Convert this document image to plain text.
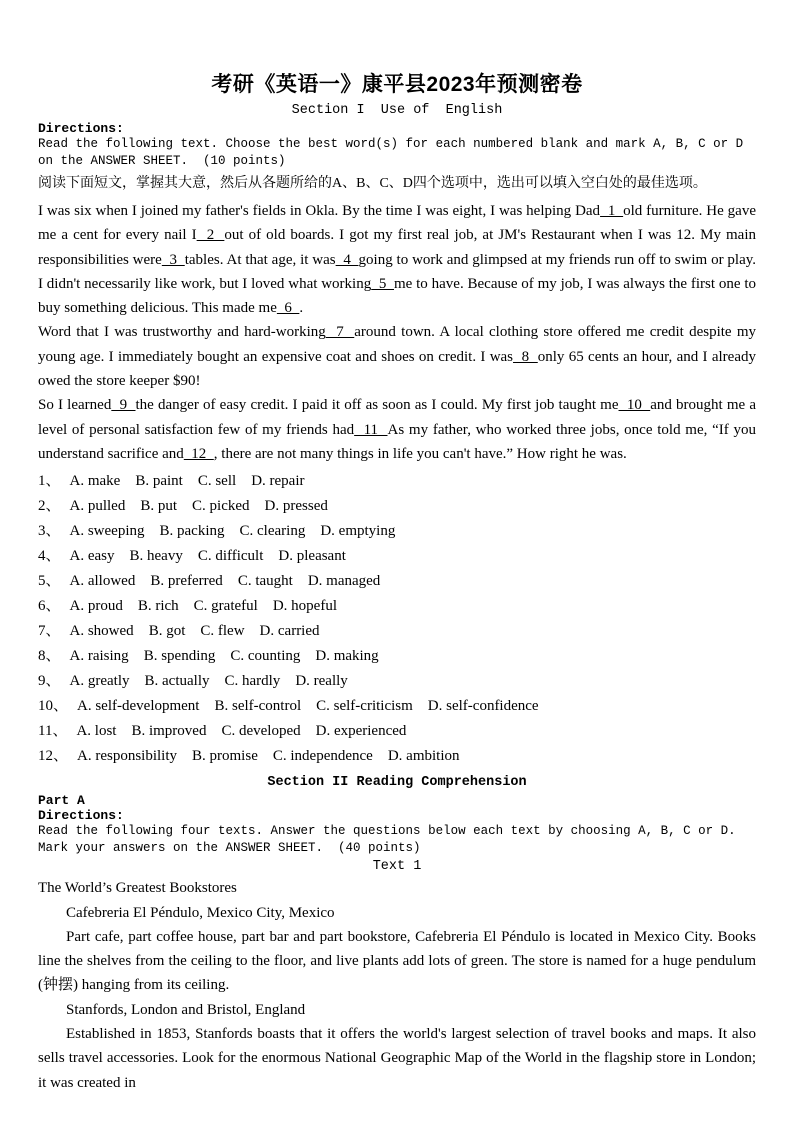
考研《英语一》康平县2023年预测密卷
Section I  Use of  English
Directions:
Read the following text. Choose the best word(s) for each numbered blank and mark A, B, C or D on the ANSWER SHEET.  (10 points)
阅读下面短文，掌握其大意，然后从各题所给的A、B、C、D四个选项中，选出可以填入空白处的最佳选项。

I was six when I joined my father's fields in Okla. By the time I was eight, I was helping Dad  1  old furniture. He gave me a cent for every nail I  2  out of old boards. I got my first real job, at JM's Restaurant when I was 12. My main responsibilities were  3  tables. At that age, it was  4  going to work and glimpsed at my friends run off to swim or play. I didn't necessarily like work, but I loved what working  5  me to have. Because of my job, I was always the first one to buy something delicious. This made me  6  .

Word that I was trustworthy and hard-working  7  around town. A local clothing store offered me credit despite my young age. I immediately bought an expensive coat and shoes on credit. I was  8  only 65 cents an hour, and I already owed the store keeper $90!

So I learned  9  the danger of easy credit. I paid it off as soon as I could. My first job taught me  10  and brought me a level of personal satisfaction few of my friends had  11  As my father, who worked three jobs, once told me, “If you understand sacrifice and  12  , there are not many things in life you can't have.” How right he was.

1、 A. make B. paint C. sell D. repair
2、 A. pulled B. put C. picked D. pressed
3、 A. sweeping B. packing C. clearing D. emptying
4、 A. easy B. heavy C. difficult D. pleasant
5、 A. allowed B. preferred C. taught D. managed
6、 A. proud B. rich C. grateful D. hopeful
7、 A. showed B. got C. flew D. carried
8、 A. raising B. spending C. counting D. making
9、 A. greatly B. actually C. hardly D. really
10、 A. self-development B. self-control C. self-criticism D. self-confidence
11、 A. lost B. improved C. developed D. experienced
12、 A. responsibility B. promise C. independence D. ambition
Section II Reading Comprehension
Part A
Directions:
Read the following four texts. Answer the questions below each text by choosing A, B, C or D. Mark your answers on the ANSWER SHEET.  (40 points)
Text 1

The World’s Greatest Bookstores

Cafebreria El Péndulo, Mexico City, Mexico

Part cafe, part coffee house, part bar and part bookstore, Cafebreria El Péndulo is located in Mexico City. Books line the shelves from the ceiling to the floor, and live plants add lots of green. The store is named for a huge pendulum (钟摆) hanging from its ceiling.

Stanfords, London and Bristol, England

Established in 1853, Stanfords boasts that it offers the world's largest selection of travel books and maps. It also sells travel accessories. Look for the enormous National Geographic Map of the World in the flagship store in London; it was created in
